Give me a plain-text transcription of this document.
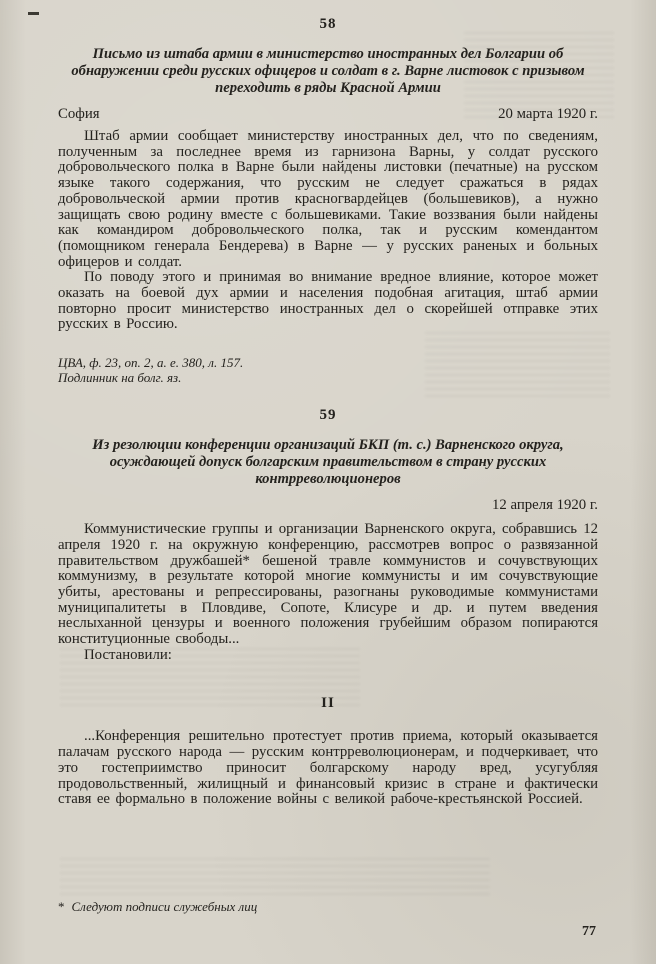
58
Письмо из штаба армии в министерство иностранных дел Болгарии об обнаружении среди русских офицеров и солдат в г. Варне листовок с призывом переходить в ряды Красной Армии
София	20 марта 1920 г.

Штаб армии сообщает министерству иностранных дел, что по сведениям, полученным за последнее время из гарнизона Варны, у солдат русского добровольческого полка в Варне были найдены листовки (печатные) на русском языке такого содержания, что русским не следует сражаться в рядах добровольческой армии против красногвардейцев (большевиков), а нужно защищать свою родину вместе с большевиками. Такие воззвания были найдены как командиром добровольческого полка, так и русским комендантом (помощником генерала Бендерева) в Варне — у русских раненых и больных офицеров и солдат.

По поводу этого и принимая во внимание вредное влияние, которое может оказать на боевой дух армии и населения подобная агитация, штаб армии повторно просит министерство иностранных дел о скорейшей отправке этих русских в Россию.

ЦВА, ф. 23, оп. 2, а. е. 380, л. 157.
Подлинник на болг. яз.
59
Из резолюции конференции организаций БКП (т. с.) Варненского округа, осуждающей допуск болгарским правительством в страну русских контрреволюционеров
12 апреля 1920 г.

Коммунистические группы и организации Варненского округа, собравшись 12 апреля 1920 г. на окружную конференцию, рассмотрев вопрос о развязанной правительством дружбашей* бешеной травле коммунистов и сочувствующих коммунизму, в результате которой многие коммунисты и им сочувствующие убиты, арестованы и репрессированы, разогнаны руководимые коммунистами муниципалитеты в Пловдиве, Сопоте, Клисуре и др. и путем введения неслыханной цензуры и военного положения грубейшим образом попираются конституционные свободы...

Постановили:

II

...Конференция решительно протестует против приема, который оказывается палачам русского народа — русским контрреволюционерам, и подчеркивает, что это гостеприимство приносит болгарскому народу вред, усугубляя продовольственный, жилищный и финансовый кризис в стране и фактически ставя ее формально в положение войны с великой рабоче-крестьянской Россией.

* Следуют подписи служебных лиц
77
